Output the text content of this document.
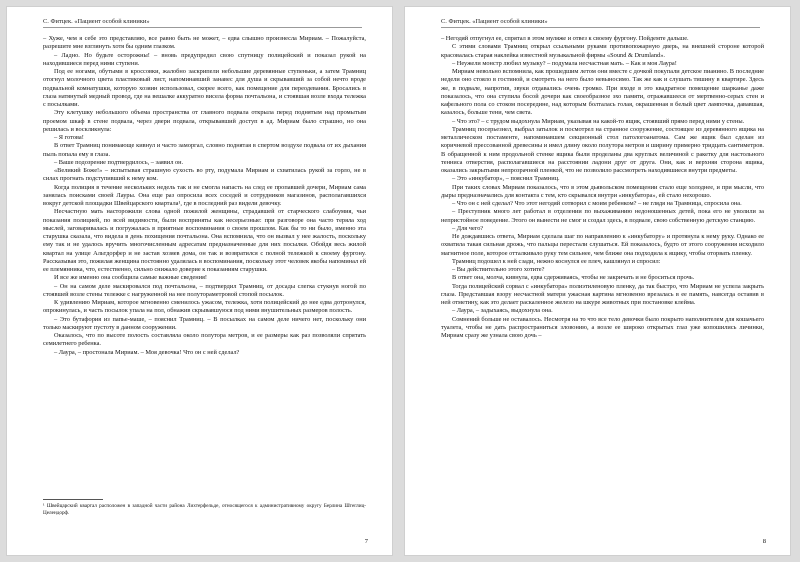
С. Фитцек. «Пациент особой клиники»

– Хуже, чем я себе это представляю, все равно быть не может, – едва слышно произнесла Мириам. – Пожалуйста, разрешите мне взглянуть хотя бы одним глазком.

– Ладно. Но будьте осторожны! – вновь предупредил свою спутницу полицейский и показал рукой на находившиеся перед ними ступени.

Под ее ногами, обутыми в кроссовки, жалобно заскрипели небольшие деревянные ступеньки, а затем Трамниц отогнул молочного цвета пластиковый лист, напоминавший занавес для душа и скрывавший за собой нечто вроде подвальной комнатушки, которую хозяин использовал, скорее всего, как помещение для переодевания. Бросались в глаза натянутый медный провод, где на вешалке аккуратно висела форма почтальона, и стоявшая возле входа тележка с посылками.

Эту клетушку небольшого объема пространства от главного подвала открыла перед поднятым над промытым проемом шкаф в стене подвала, через двери подвала, открывавший доступ в ад. Мириам было страшно, но она решилась и воскликнула:

– Я готова!

В ответ Трамниц понимающе кивнул и часто заморгал, словно поднятая в спертом воздухе подвала от их дыхания пыль попала ему в глаза.

– Ваше подозрение подтвердилось, – заявил он.

«Великий Боже!» – испытывая страшную сухость во рту, подумала Мириам и схватилась рукой за горло, не в силах прогнать подступивший к нему ком.

Когда полиция в течение нескольких недель так и не смогла напасть на след ее пропавшей дочери, Мириам сама занялась поисками своей Лауры. Она еще раз опросила всех соседей и сотрудников магазинов, располагавшихся вокруг детской площадки Швейцарского квартала¹, где в последний раз видели девочку.

Несчастную мать насторожили слова одной пожилой женщины, страдавшей от старческого слабоумия, чьи показания полицией, по всей видимости, были восприняты как несерьезные: при разговоре она часто теряла ход мыслей, заговаривалась и погружалась в приятные воспоминания о своем прошлом. Как бы то ни было, именно эта старушка сказала, что видела в день похищения почтальона. Она вспомнила, что он вызвал у нее жалость, поскольку ему так и не удалось вручить многочисленным адресатам предназначенные для них посылки. Обойдя весь жилой квартал на улице Альтдорфер и не застав хозяев дома, он так и возвратился с полной тележкой к своему фургону. Рассказывая это, пожилая женщина постоянно удалялась в воспоминания, поскольку этот человек якобы напоминал ей ее племянника, что, естественно, сильно снижало доверие к показаниям старушки.

И все же именно она сообщила самые важные сведения!

– Он на самом деле маскировался под почтальона, – подтвердил Трамниц, от досады слегка стукнув ногой по стоявшей возле стены тележке с нагруженной на нее полутораметровой стопой посылок.

К удивлению Мириам, которое мгновенно сменилось ужасом, тележка, хотя полицейский до нее едва дотронулся, опрокинулась, и часть посылок упала на пол, обнажив скрывавшуюся под ними внушительных размеров полость.

– Это бутафория из папье-маше, – пояснил Трамниц. – В посылках на самом деле ничего нет, поскольку они только маскируют пустоту в данном сооружении.

Оказалось, что по высоте полость составляла около полутора метров, и ее размеры как раз позволяли спрятать семилетнего ребенка.

– Лаура, – простонала Мириам. – Моя девочка! Что он с ней сделал?

¹ Швейцарский квартал расположен в западной части района Лихтерфельде, относящегося к административному округу Берлина Штеглиц-Целендорф.
7
С. Фитцек. «Пациент особой клиники»

– Негодяй отпугнул ее, спрятал в этом муляже и отвез к своему фургону. Пойдемте дальше.

С этими словами Трамниц открыл ссыльными руками противопожарную дверь, на внешней стороне которой красовалась старая наклейка известной музыкальной фирмы «Sound & Drumland».

– Неужели монстр любил музыку? – подумала несчастная мать. – Как и моя Лаура!

Мириам невольно вспомнила, как прошедшим летом они вместе с дочкой покупали детское пианино. В последние недели оно стояло в гостиной, и смотреть на него было невыносимо. Так же как и слушать тишину в квартире. Здесь же, в подвале, напротив, звуки отдавались очень громко. При входе в это квадратное помещение шарканье даже показалось, что она ступила босой дочери как своеобразное эхо памяти, отражавшееся от мертвенно-серых стен и кафельного пола со стоком посередине, над которым болталась голая, окрашенная в белый цвет лампочка, дававшая, казалось, больше тени, чем света.

– Что это? – с трудом выдохнула Мириам, указывая на какой-то ящик, стоявший прямо перед ними у стены.

Трамниц посерьезнел, выбрал затылок и посмотрел на странное сооружение, состоящее из деревянного ящика на металлическом постаменте, напоминавшем секционный стол патологоанатома. Сам же ящик был сделан из коричневой прессованной древесины и имел длину около полутора метров и ширину примерно тридцать сантиметров. В обращенной к ним продольной стенке ящика были проделаны два круглых величиной с ракетку для настольного тенниса отверстия, располагавшиеся на расстоянии ладони друг от друга. Они, как и верхняя сторона ящика, оказались закрытыми непрозрачной пленкой, что не позволило рассмотреть находившиеся внутри предметы.

– Это «инкубатор», – пояснил Трамниц.

При таких словах Мириам показалось, что в этом дьявольском помещении стало еще холоднее, и при мысли, что дыры предназначались для контакта с тем, кто скрывался внутри «инкубатора», ей стало нехорошо.

– Что он с ней сделал? Что этот негодяй сотворил с моим ребенком? – не глядя на Трамница, спросила она.

– Преступник много лет работал в отделении по выхаживанию недоношенных детей, пока его не уволили за непристойное поведение. Этого он вынести не смог и создал здесь, в подвале, свою собственную детскую станцию.

– Для чего?

Не дождавшись ответа, Мириам сделала шаг по направлению к «инкубатору» и протянула к нему руку. Однако ее охватила такая сильная дрожь, что пальцы перестали слушаться. Ей показалось, будто от этого сооружения исходило магнитное поле, которое отталкивало руку тем сильнее, чем ближе она подходила к ящику, чтобы оторвать пленку.

Трамниц подошел к ней сзади, нежно коснулся ее плеч, кашлянул и спросил:

– Вы действительно этого хотите?

В ответ она, молча, кивнула, едва сдерживаясь, чтобы не закричать и не броситься прочь.

Тогда полицейский сорвал с «инкубатора» полиэтиленовую пленку, да так быстро, что Мириам не успела закрыть глаза. Представшая взору несчастной матери ужасная картина мгновенно врезалась в ее память, навсегда оставив в ней отметину, как это делает раскаленное железо на шкуре животных при постановке клейма.

– Лаура, – задыхаясь, выдохнула она.

Сомнений больше не оставалось. Несмотря на то что все тело девочки было покрыто наполнителем для кошачьего туалета, чтобы не дать распространиться зловонию, а возле ее широко открытых глаз уже копошились личинки, Мириам сразу же узнала свою дочь –

8
